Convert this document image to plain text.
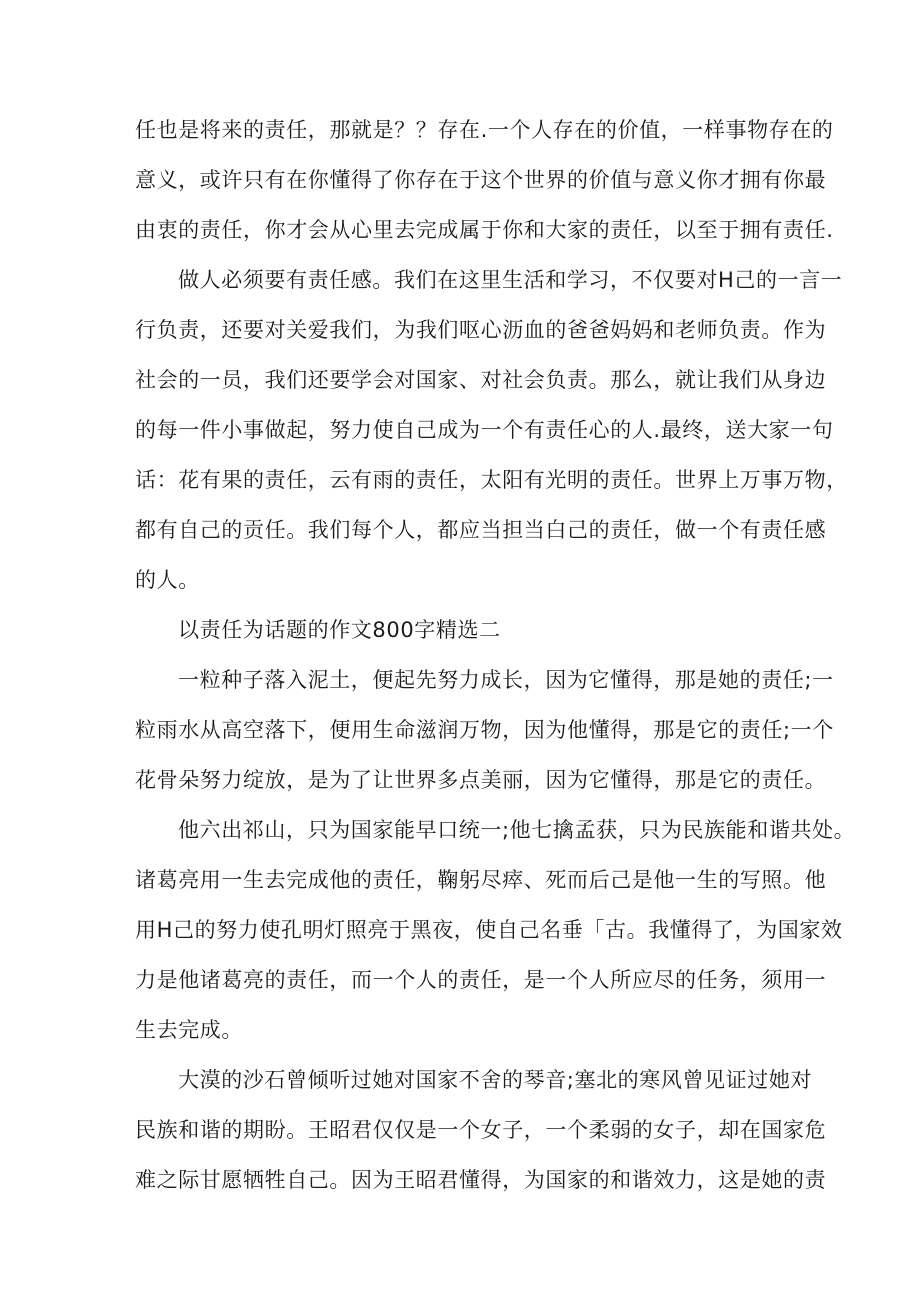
任也是将来的责任，那就是？？存在.一个人存在的价值，一样事物存在的
意义，或许只有在你懂得了你存在于这个世界的价值与意义你才拥有你最
由衷的责任，你才会从心里去完成属于你和大家的责任，以至于拥有责任.
做人必须要有责任感。我们在这里生活和学习，不仅要对H己的一言一
行负责，还要对关爱我们，为我们呕心沥血的爸爸妈妈和老师负责。作为
社会的一员，我们还要学会对国家、对社会负责。那么，就让我们从身边
的每一件小事做起，努力使自己成为一个有责任心的人.最终，送大家一句
话：花有果的责任，云有雨的责任，太阳有光明的责任。世界上万事万物，
都有自己的贡任。我们每个人，都应当担当白己的责任，做一个有责任感
的人。
以责任为话题的作文800字精选二
一粒种子落入泥土，便起先努力成长，因为它懂得，那是她的责任;一
粒雨水从高空落下，便用生命滋润万物，因为他懂得，那是它的责任;一个
花骨朵努力绽放，是为了让世界多点美丽，因为它懂得，那是它的责任。
他六出祁山，只为国家能早口统一;他七擒孟获，只为民族能和谐共处。
诸葛亮用一生去完成他的责任，鞠躬尽瘁、死而后己是他一生的写照。他
用H己的努力使孔明灯照亮于黑夜，使自己名垂「古。我懂得了，为国家效
力是他诸葛亮的责任，而一个人的责任，是一个人所应尽的任务，须用一
生去完成。
大漠的沙石曾倾听过她对国家不舍的琴音;塞北的寒风曾见证过她对
民族和谐的期盼。王昭君仅仅是一个女子，一个柔弱的女子，却在国家危
难之际甘愿牺牲自己。因为王昭君懂得，为国家的和谐效力，这是她的责
